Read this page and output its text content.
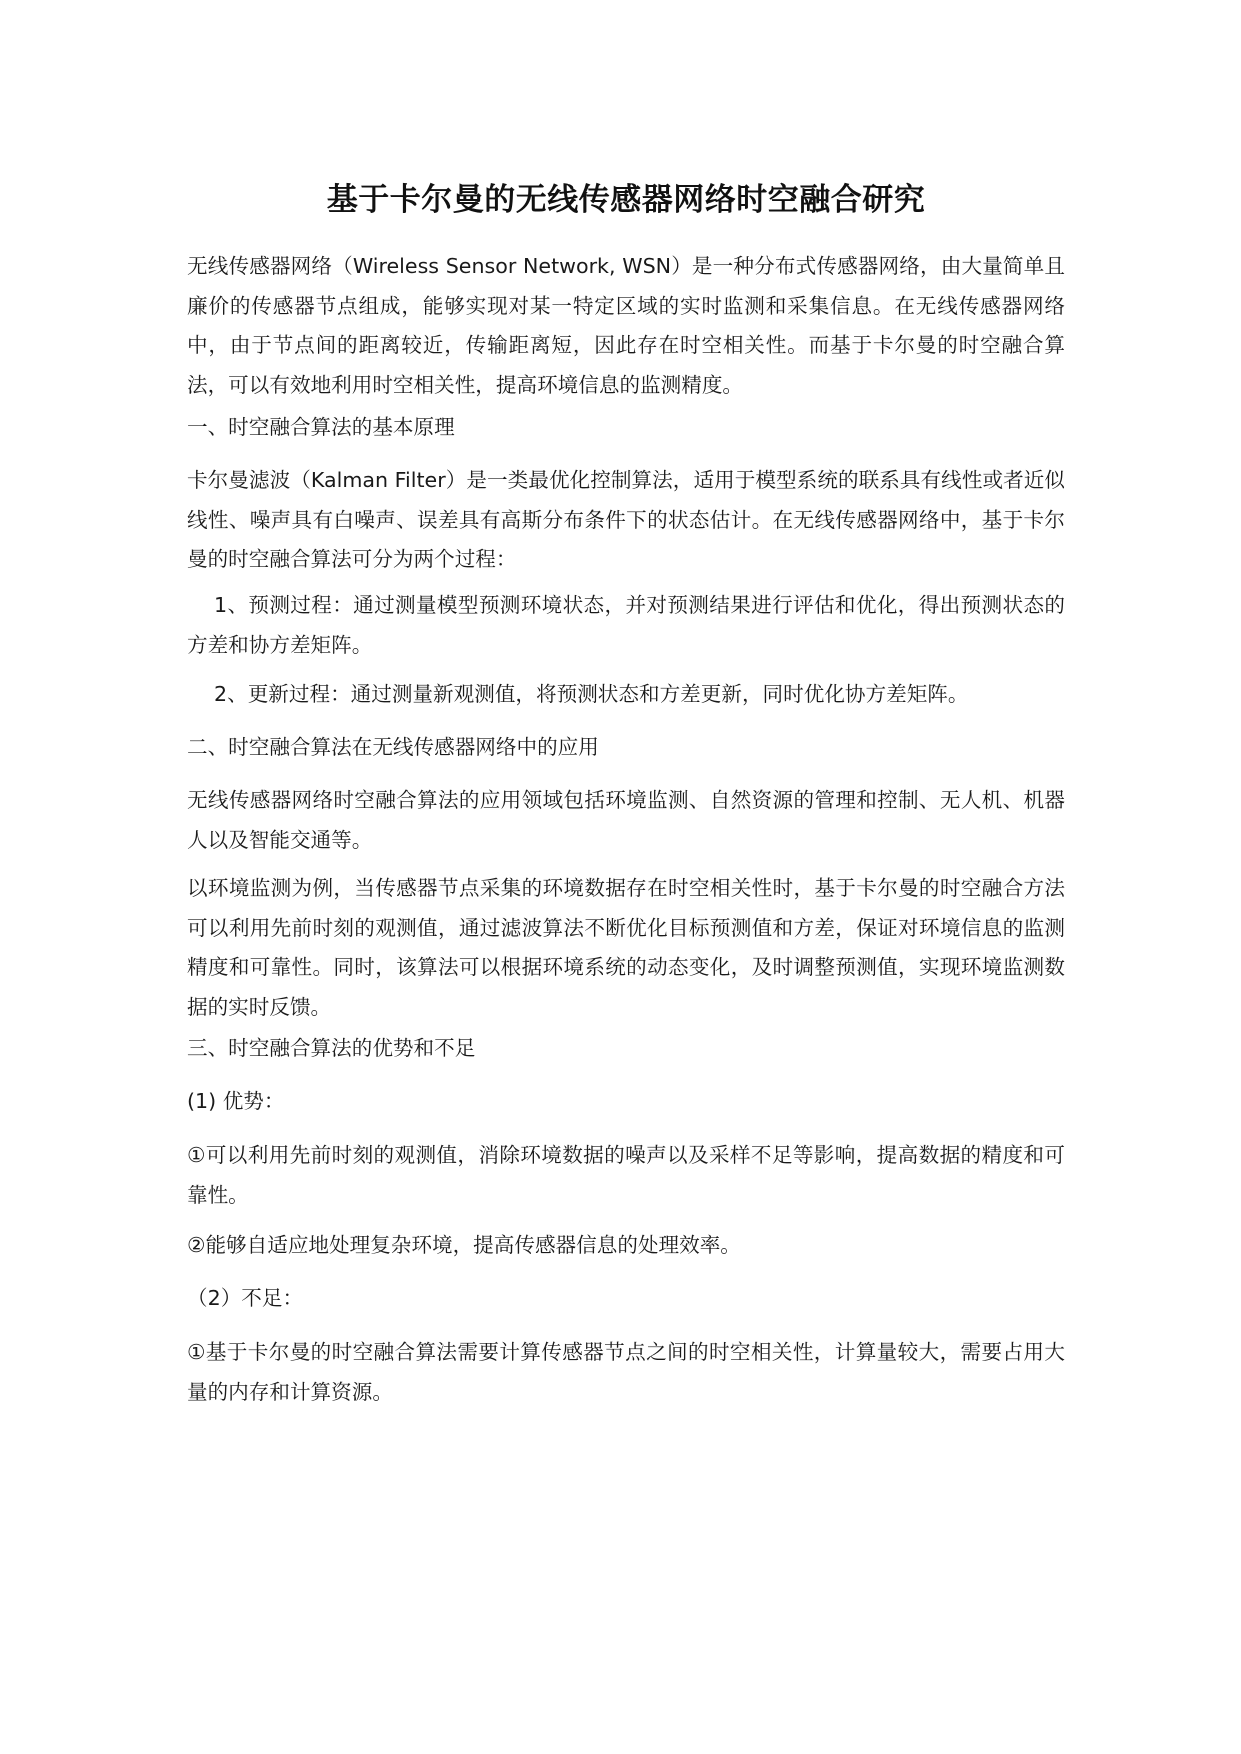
基于卡尔曼的无线传感器网络时空融合研究

无线传感器网络（Wireless Sensor Network, WSN）是一种分布式传感器网络，由大量简单且廉价的传感器节点组成，能够实现对某一特定区域的实时监测和采集信息。在无线传感器网络中，由于节点间的距离较近，传输距离短，因此存在时空相关性。而基于卡尔曼的时空融合算法，可以有效地利用时空相关性，提高环境信息的监测精度。

一、时空融合算法的基本原理

卡尔曼滤波（Kalman Filter）是一类最优化控制算法，适用于模型系统的联系具有线性或者近似线性、噪声具有白噪声、误差具有高斯分布条件下的状态估计。在无线传感器网络中，基于卡尔曼的时空融合算法可分为两个过程：

1、预测过程：通过测量模型预测环境状态，并对预测结果进行评估和优化，得出预测状态的方差和协方差矩阵。

2、更新过程：通过测量新观测值，将预测状态和方差更新，同时优化协方差矩阵。

二、时空融合算法在无线传感器网络中的应用

无线传感器网络时空融合算法的应用领域包括环境监测、自然资源的管理和控制、无人机、机器人以及智能交通等。

以环境监测为例，当传感器节点采集的环境数据存在时空相关性时，基于卡尔曼的时空融合方法可以利用先前时刻的观测值，通过滤波算法不断优化目标预测值和方差，保证对环境信息的监测精度和可靠性。同时，该算法可以根据环境系统的动态变化，及时调整预测值，实现环境监测数据的实时反馈。

三、时空融合算法的优势和不足

(1) 优势：

①可以利用先前时刻的观测值，消除环境数据的噪声以及采样不足等影响，提高数据的精度和可靠性。

②能够自适应地处理复杂环境，提高传感器信息的处理效率。

（2）不足：

①基于卡尔曼的时空融合算法需要计算传感器节点之间的时空相关性，计算量较大，需要占用大量的内存和计算资源。
